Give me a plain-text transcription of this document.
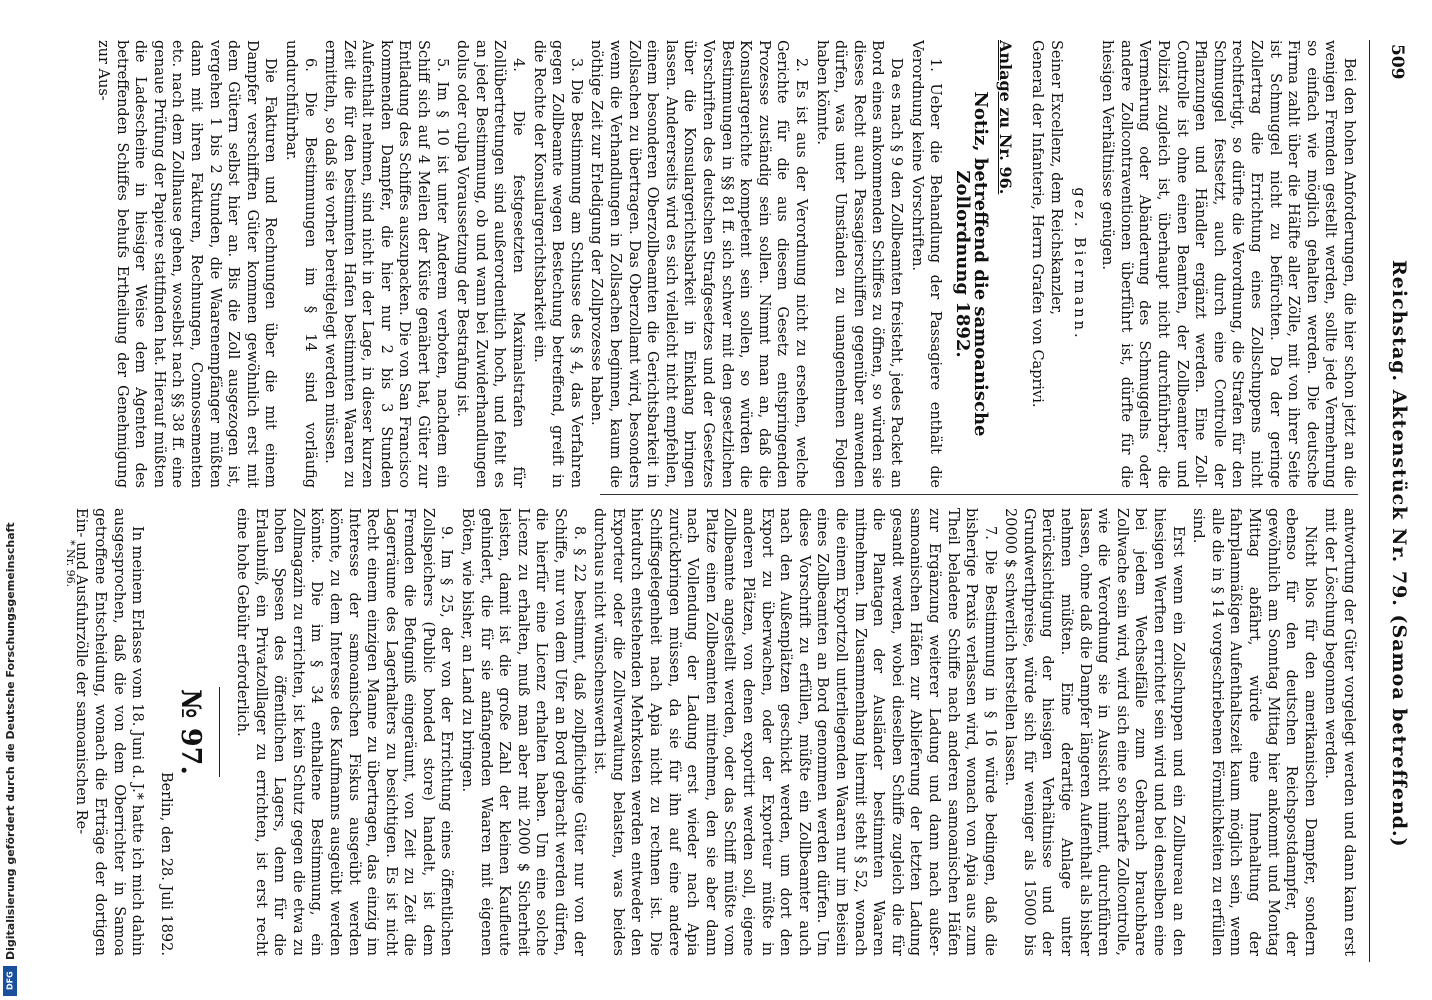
509
Reichstag. Aktenstück Nr. 79. (Samoa betreffend.)

Bei den hohen Anforderungen, die hier schon jetzt an die wenigen Fremden gestellt werden, sollte jede Vermehrung so einfach wie möglich gehalten werden. Die deutsche Firma zahlt über die Hälfte aller Zölle, mit von ihrer Seite ist Schmuggel nicht zu befürchten. Da der geringe Zollertrag die Errichtung eines Zollschuppens nicht rechtfertigt, so dürfte die Verordnung, die Strafen für den Schmuggel festsetzt, auch durch eine Controlle der Pflanzungen und Händler ergänzt werden. Eine Zoll-Controlle ist ohne einen Beamten, der Zollbeamter und Polizist zugleich ist, überhaupt nicht durchführbar; die Vermehrung oder Abänderung des Schmuggelns oder andere Zollcontraventionen überführt ist, dürfte für die hiesigen Verhältnisse genügen.

gez. Biermann.
Seiner Excellenz, dem Reichskanzler,
General der Infanterie, Herrn Grafen von Caprivi.
Anlage zu Nr. 96.
Notiz, betreffend die samoanische Zollordnung 1892.

1. Ueber die Behandlung der Passagiere enthält die Verordnung keine Vorschriften.

Da es nach § 9 den Zollbeamten freisteht, jedes Packet an Bord eines ankommenden Schiffes zu öffnen, so würden sie dieses Recht auch Passagierschiffen gegenüber anwenden dürfen, was unter Umständen zu unangenehmen Folgen haben könnte.

2. Es ist aus der Verordnung nicht zu ersehen, welche Gerichte für die aus diesem Gesetz entspringenden Prozesse zuständig sein sollen. Nimmt man an, daß die Konsulargerichte kompetent sein sollen, so würden die Bestimmungen in §§ 81 ff. sich schwer mit den gesetzlichen Vorschriften des deutschen Strafgesetzes und der Gesetzes über die Konsulargerichtsbarkeit in Einklang bringen lassen. Andererseits wird es sich vielleicht nicht empfehlen, einem besonderen Oberzollbeamten die Gerichtsbarkeit in Zollsachen zu übertragen. Das Oberzollamt wird, besonders wenn die Verhandlungen in Zollsachen beginnen, kaum die nöthige Zeit zur Erledigung der Zollprozesse haben.

3. Die Bestimmung am Schlusse des § 4, das Verfahren gegen Zollbeamte wegen Bestechung betreffend, greift in die Rechte der Konsulargerichtsbarkeit ein.

4. Die festgesetzten Maximalstrafen für Zollübertretungen sind außerordentlich hoch, und fehlt es an jeder Bestimmung, ob und wann bei Zuwiderhandlungen dolus oder culpa Voraussetzung der Bestrafung ist.

5. Im § 10 ist unter Anderem verboten, nachdem ein Schiff sich auf 4 Meilen der Küste genähert hat, Güter zur Entladung des Schiffes auszupacken. Die von San Francisco kommenden Dampfer, die hier nur 2 bis 3 Stunden Aufenthalt nehmen, sind nicht in der Lage, in dieser kurzen Zeit die für den bestimmten Hafen bestimmten Waaren zu ermitteln, so daß sie vorher bereitgelegt werden müssen.

6. Die Bestimmungen im § 14 sind vorläufig undurchführbar.

Die Fakturen und Rechnungen über die mit einem Dampfer verschifften Güter kommen gewöhnlich erst mit dem Gütern selbst hier an. Bis die Zoll ausgezogen ist, vergehen 1 bis 2 Stunden, die Waarenempfänger müßten dann mit ihren Fakturen, Rechnungen, Connossementen etc. nach dem Zollhause gehen, woselbst nach §§ 38 ff. eine genaue Prüfung der Papiere stattfinden hat. Hierauf müßten die Ladescheine in hiesiger Weise dem Agenten des betreffenden Schiffes behufs Ertheilung der Genehmigung zur Aus-

antwortung der Güter vorgelegt werden und dann kann erst mit der Löschung begonnen werden.

Nicht blos für den amerikanischen Dampfer, sondern ebenso für den deutschen Reichspostdampfer, der gewöhnlich am Sonntag Mittag hier ankommt und Montag Mittag abfährt, würde eine Innehaltung der fahrplanmäßigen Aufenthaltszeit kaum möglich sein, wenn alle die in § 14 vorgeschriebenen Förmlichkeiten zu erfüllen sind.

Erst wenn ein Zollschuppen und ein Zollbureau an den hiesigen Werften errichtet sein wird und bei denselben eine bei jedem Wechselfälle zum Gebrauch brauchbare Zollwache sein wird, wird sich eine so scharfe Zollcontrolle, wie die Verordnung sie in Aussicht nimmt, durchführen lassen, ohne daß die Dampfer längeren Aufenthalt als bisher nehmen müßten. Eine derartige Anlage unter Berücksichtigung der hiesigen Verhältnisse und der Grundwerthpreise, würde sich für weniger als 15000 bis 20000 $ schwerlich herstellen lassen.

7. Die Bestimmung in § 16 würde bedingen, daß die bisherige Praxis verlassen wird, wonach von Apia aus zum Theil beladene Schiffe nach anderen samoanischen Häfen zur Ergänzung weiterer Ladung und dann nach außer-samoanischen Häfen zur Ablieferung der letzten Ladung gesandt werden, wobei dieselben Schiffe zugleich die für die Plantagen der Ausländer bestimmten Waaren mitnehmen. Im Zusammenhang hiermit steht § 52, wonach die einem Exportzoll unterliegenden Waaren nur im Beisein eines Zollbeamten an Bord genommen werden dürfen. Um diese Vorschrift zu erfüllen, müßte ein Zollbeamter auch nach den Außenplätzen geschickt werden, um dort den Export zu überwachen, oder der Exporteur müßte in anderen Plätzen, von denen exportirt werden soll, eigene Zollbeamte angestellt werden, oder das Schiff müßte vom Platze einen Zollbeamten mitnehmen, den sie aber dann nach Vollendung der Ladung erst wieder nach Apia zurückbringen müssen, da sie für ihn auf eine andere Schiffsgelegenheit nach Apia nicht zu rechnen ist. Die hierdurch entstehenden Mehrkosten werden entweder den Exporteur oder die Zollverwaltung belasten, was beides durchaus nicht wünschenswerth ist.

8. § 22 bestimmt, daß zollpflichtige Güter nur von der Schiffe, nur von dem Ufer an Bord gebracht werden dürfen, die hierfür eine Licenz erhalten haben. Um eine solche Licenz zu erhalten, muß man aber mit 2000 $ Sicherheit leisten, damit ist die große Zahl der kleinen Kaufleute gehindert, die für sie anfangenden Waaren mit eigenen Böten, wie bisher, an Land zu bringen.

9. Im § 25, der von der Errichtung eines öffentlichen Zollspeichers (Public bonded store) handelt, ist dem Fremden die Befugniß eingeräumt, von Zeit zu Zeit die Lagerräume des Lagerhalters zu besichtigen. Es ist nicht Recht einem einzigen Manne zu übertragen, das einzig im Interesse der samoanischen Fiskus ausgeübt werden könnte, zu dem Interesse des Kaufmanns ausgeübt werden könnte. Die im § 34 enthaltene Bestimmung, ein Zollmagazin zu errichten, ist kein Schutz gegen die etwa zu hohen Spesen des öffentlichen Lagers, denn für die Erlaubniß, ein Privatzolllager zu errichten, ist erst recht eine hohe Gebühr erforderlich.

№ 97.
Berlin, den 28. Juli 1892.

In meinem Erlasse vom 18. Juni d. J.* hatte ich mich dahin ausgesprochen, daß die von dem Oberrichter in Samoa getroffene Entscheidung, wonach die Erträge der dortigen Ein- und Ausfuhrzölle der samoanischen Re-

* Nr. 96.
Digitalisierung gefördert durch die Deutsche Forschungsgemeinschaft
DFG
